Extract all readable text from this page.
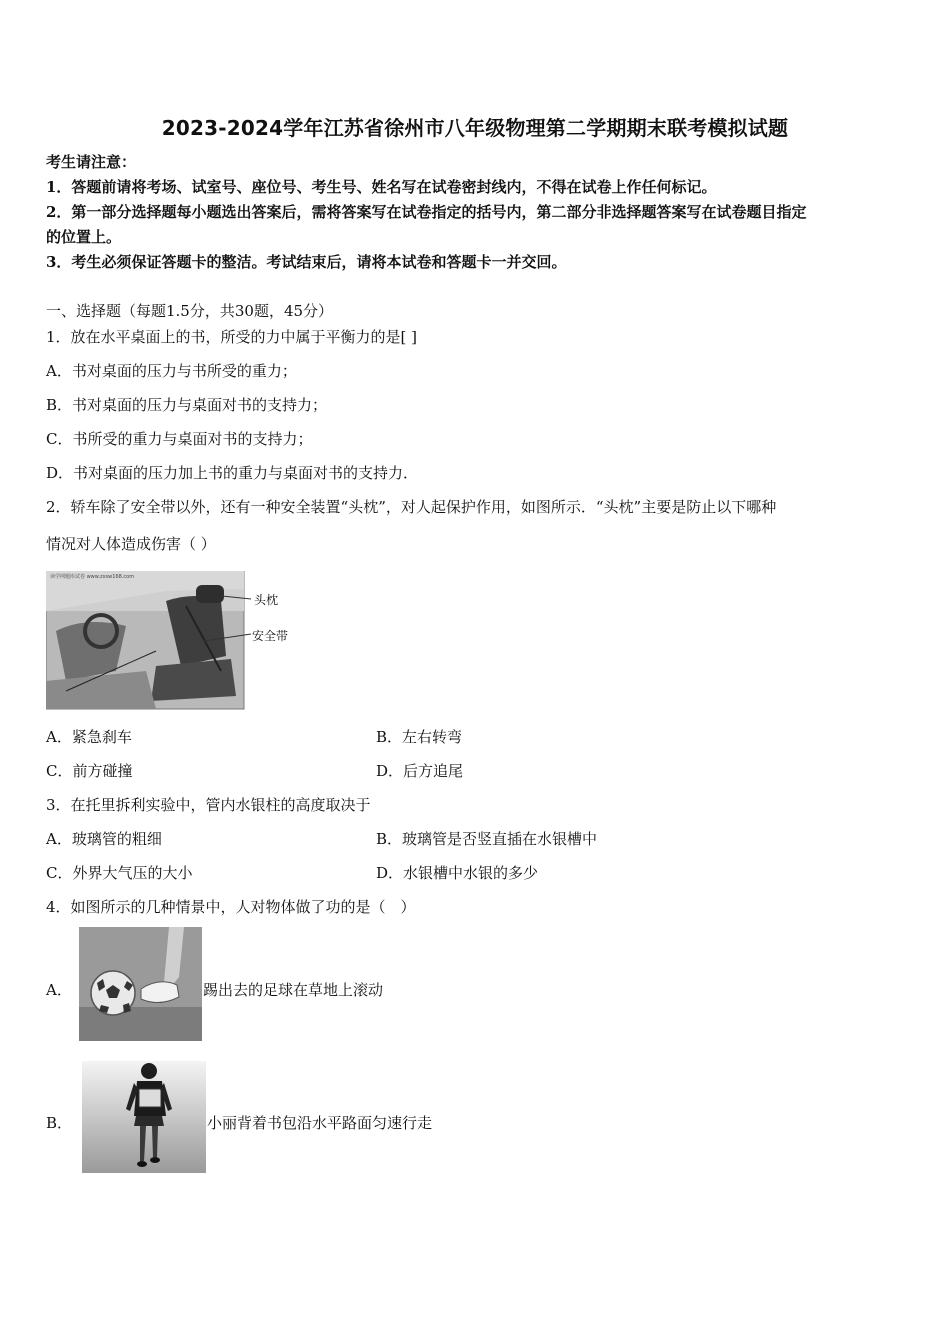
2023-2024学年江苏省徐州市八年级物理第二学期期末联考模拟试题
考生请注意：
1．答题前请将考场、试室号、座位号、考生号、姓名写在试卷密封线内，不得在试卷上作任何标记。
2．第一部分选择题每小题选出答案后，需将答案写在试卷指定的括号内，第二部分非选择题答案写在试卷题目指定
的位置上。
3．考生必须保证答题卡的整洁。考试结束后，请将本试卷和答题卡一并交回。
一、选择题（每题1.5分，共30题，45分）
1．放在水平桌面上的书，所受的力中属于平衡力的是[ ]
A．书对桌面的压力与书所受的重力；
B．书对桌面的压力与桌面对书的支持力；
C．书所受的重力与桌面对书的支持力；
D．书对桌面的压力加上书的重力与桌面对书的支持力．
2．轿车除了安全带以外，还有一种安全装置“头枕”，对人起保护作用，如图所示．“头枕”主要是防止以下哪种
情况对人体造成伤害（ ）
读学网题库试卷 www.zxsw168.com
头枕
安全带
A．紧急刹车	B．左右转弯
C．前方碰撞	D．后方追尾
3．在托里拆利实验中，管内水银柱的高度取决于
A．玻璃管的粗细	B．玻璃管是否竖直插在水银槽中
C．外界大气压的大小	D．水银槽中水银的多少
4．如图所示的几种情景中，人对物体做了功的是（　）
A．	踢出去的足球在草地上滚动
B．	小丽背着书包沿水平路面匀速行走
